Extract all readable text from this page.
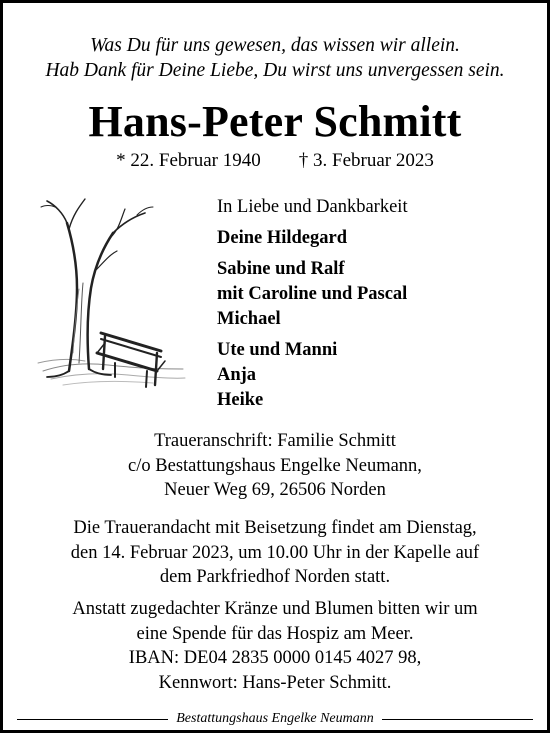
Was Du für uns gewesen, das wissen wir allein.
Hab Dank für Deine Liebe, Du wirst uns unvergessen sein.
Hans-Peter Schmitt
* 22. Februar 1940 † 3. Februar 2023
In Liebe und Dankbarkeit
Deine Hildegard
Sabine und Ralf
mit Caroline und Pascal
Michael
Ute und Manni
Anja
Heike
Traueranschrift: Familie Schmitt
c/o Bestattungshaus Engelke Neumann,
Neuer Weg 69, 26506 Norden
Die Trauerandacht mit Beisetzung findet am Dienstag,
den 14. Februar 2023, um 10.00 Uhr in der Kapelle auf
dem Parkfriedhof Norden statt.
Anstatt zugedachter Kränze und Blumen bitten wir um
eine Spende für das Hospiz am Meer.
IBAN: DE04 2835 0000 0145 4027 98,
Kennwort: Hans-Peter Schmitt.
Bestattungshaus Engelke Neumann
